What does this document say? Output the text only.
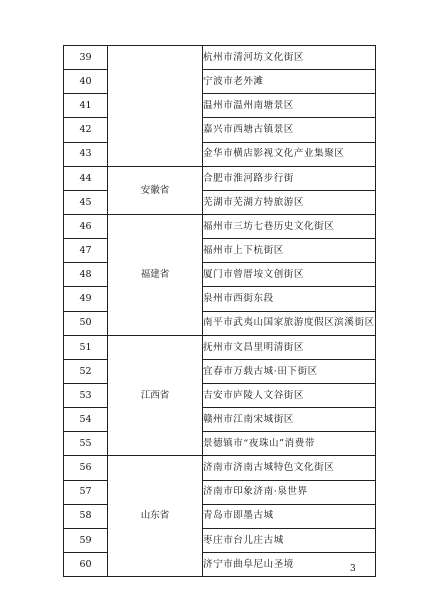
39		杭州市清河坊文化街区
40		宁波市老外滩
41		温州市温州南塘景区
42		嘉兴市西塘古镇景区
43		金华市横店影视文化产业集聚区
44	安徽省	合肥市淮河路步行街
45		芜湖市芜湖方特旅游区
46	福建省	福州市三坊七巷历史文化街区
47		福州市上下杭街区
48		厦门市曾厝垵文创街区
49		泉州市西街东段
50		南平市武夷山国家旅游度假区滨溪街区
51	江西省	抚州市文昌里明清街区
52		宜春市万载古城·田下街区
53		吉安市庐陵人文谷街区
54		赣州市江南宋城街区
55		景德镇市“夜珠山”消费带
56	山东省	济南市济南古城特色文化街区
57		济南市印象济南·泉世界
58		青岛市即墨古城
59		枣庄市台儿庄古城
60		济宁市曲阜尼山圣境	3
